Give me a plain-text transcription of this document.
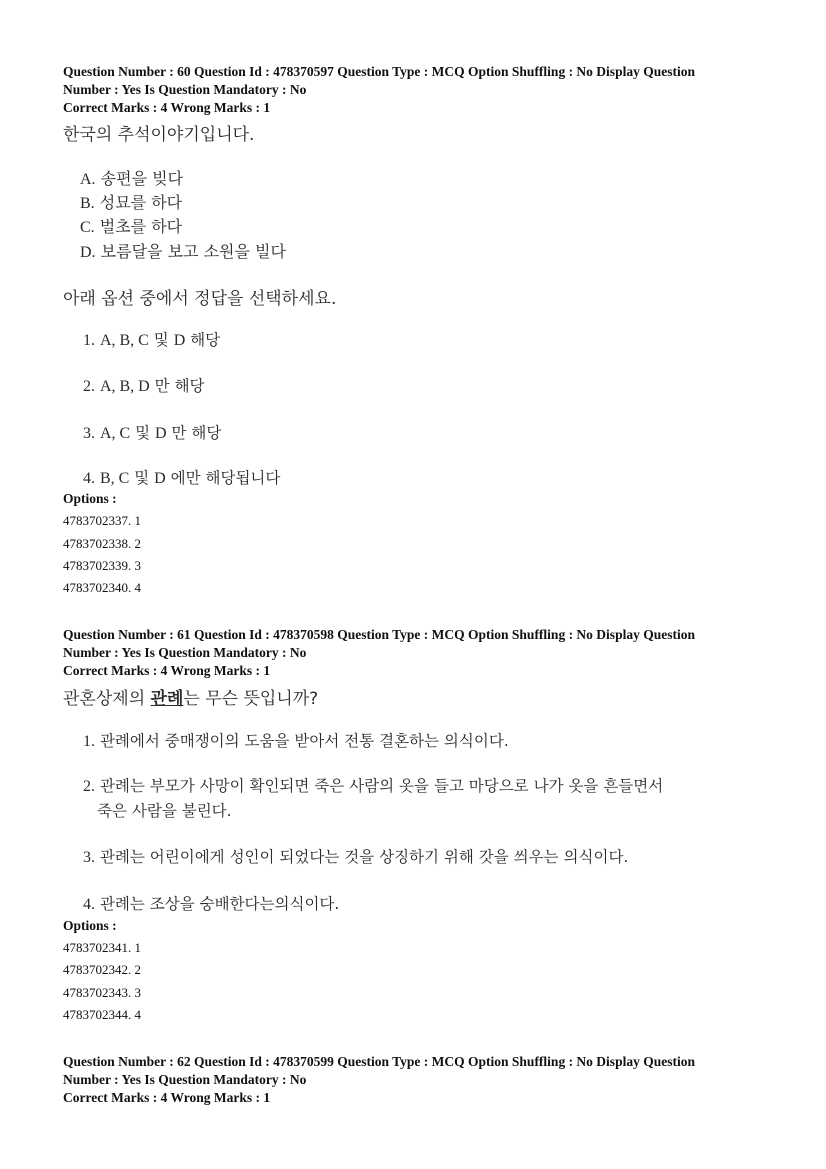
Question Number : 60 Question Id : 478370597 Question Type : MCQ Option Shuffling : No Display Question
Number : Yes Is Question Mandatory : No
Correct Marks : 4 Wrong Marks : 1
한국의 추석이야기입니다.
A. 송편을 빚다
B. 성묘를 하다
C. 벌초를 하다
D. 보름달을 보고 소원을 빌다
아래 옵션 중에서 정답을 선택하세요.
1. A, B, C 및 D 해당
2. A, B, D 만 해당
3. A, C 및 D 만 해당
4. B, C 및 D 에만 해당됩니다
Options :
4783702337. 1
4783702338. 2
4783702339. 3
4783702340. 4
Question Number : 61 Question Id : 478370598 Question Type : MCQ Option Shuffling : No Display Question
Number : Yes Is Question Mandatory : No
Correct Marks : 4 Wrong Marks : 1
관혼상제의 관례는 무슨 뜻입니까?
1. 관례에서 중매쟁이의 도움을 받아서 전통 결혼하는 의식이다.
2. 관례는 부모가 사망이 확인되면 죽은 사람의 옷을 들고 마당으로 나가 옷을 흔들면서
죽은 사람을 불린다.
3. 관례는 어린이에게 성인이 되었다는 것을 상징하기 위해 갓을 씌우는 의식이다.
4. 관례는 조상을 숭배한다는의식이다.
Options :
4783702341. 1
4783702342. 2
4783702343. 3
4783702344. 4
Question Number : 62 Question Id : 478370599 Question Type : MCQ Option Shuffling : No Display Question
Number : Yes Is Question Mandatory : No
Correct Marks : 4 Wrong Marks : 1
